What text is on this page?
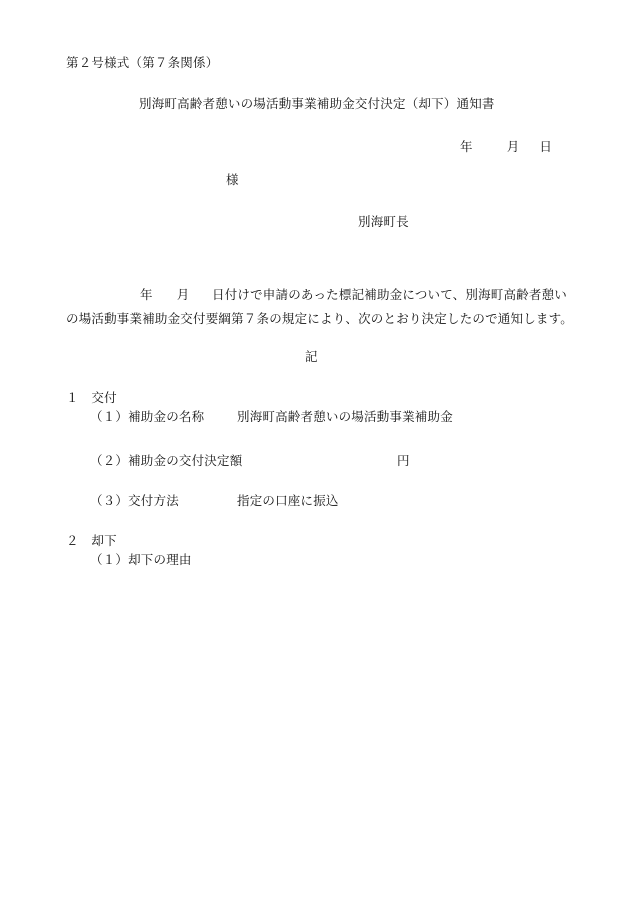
第２号様式（第７条関係）
別海町高齢者憩いの場活動事業補助金交付決定（却下）通知書
年	月 日
様
別海町長
年 月 日付けで申請のあった標記補助金について、別海町高齢者憩い
の場活動事業補助金交付要綱第７条の規定により、次のとおり決定したので通知します。
記
１　交付
（１）補助金の名称	別海町高齢者憩いの場活動事業補助金
（２）補助金の交付決定額	円
（３）交付方法	指定の口座に振込
２　却下
（１）却下の理由
